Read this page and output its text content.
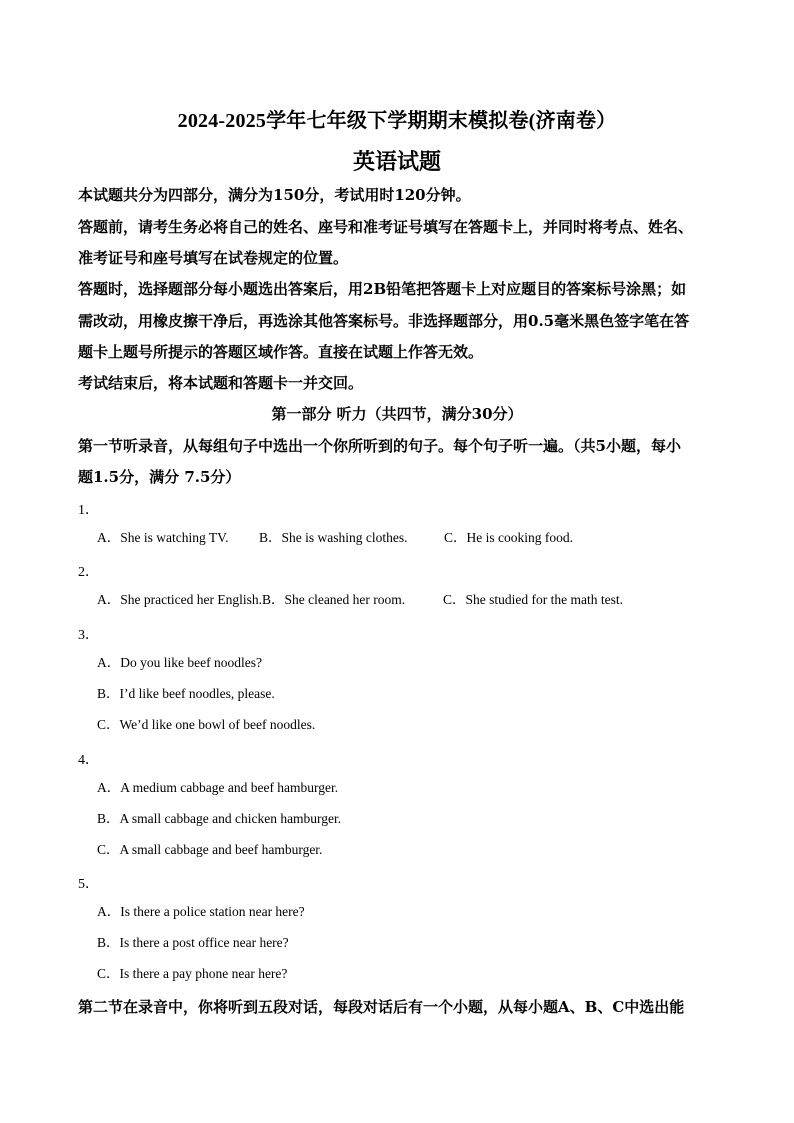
2024-2025学年七年级下学期期末模拟卷(济南卷）
英语试题
本试题共分为四部分，满分为150分，考试用时120分钟。
答题前，请考生务必将自己的姓名、座号和准考证号填写在答题卡上，并同时将考点、姓名、
准考证号和座号填写在试卷规定的位置。
答题时，选择题部分每小题选出答案后，用2B铅笔把答题卡上对应题目的答案标号涂黑；如
需改动，用橡皮擦干净后，再选涂其他答案标号。非选择题部分，用0.5毫米黑色签字笔在答
题卡上题号所提示的答题区域作答。直接在试题上作答无效。
考试结束后，将本试题和答题卡一并交回。
第一部分 听力（共四节，满分30分）
第一节听录音，从每组句子中选出一个你所听到的句子。每个句子听一遍。（共5小题，每小
题1.5分，满分 7.5分）
1．
A．She is watching TV. B．She is washing clothes.	C．He is cooking food.
2．
A．She practiced her English.B．She cleaned her room.	C．She studied for the math test.
3．
A．Do you like beef noodles?
B．I’d like beef noodles, please.
C．We’d like one bowl of beef noodles.
4．
A．A medium cabbage and beef hamburger.
B．A small cabbage and chicken hamburger.
C．A small cabbage and beef hamburger.
5．
A．Is there a police station near here?
B．Is there a post office near here?
C．Is there a pay phone near here?
第二节在录音中，你将听到五段对话，每段对话后有一个小题，从每小题A、B、C中选出能
